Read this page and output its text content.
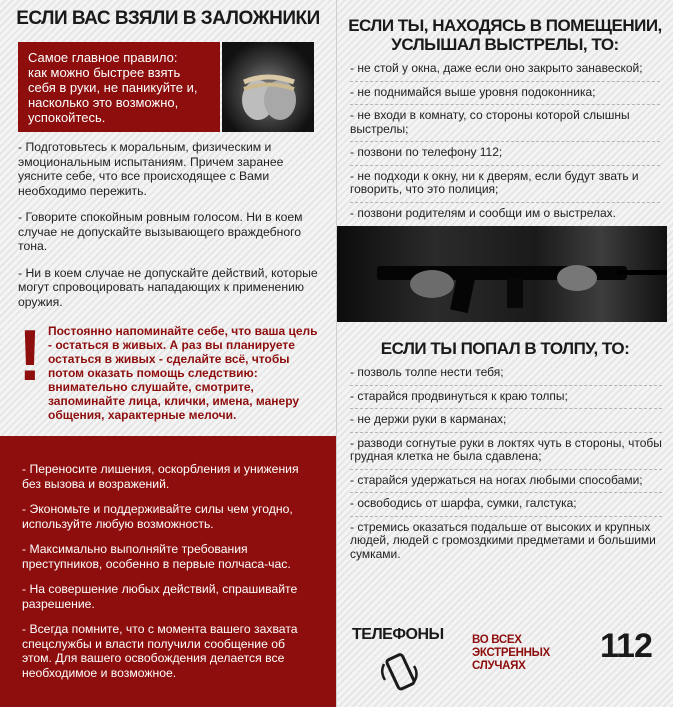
ЕСЛИ ВАС ВЗЯЛИ В ЗАЛОЖНИКИ
Самое главное правило:
как можно быстрее взять
себя в руки, не паникуйте и,
насколько это возможно,
успокойтесь.
- Подготовьтесь к моральным, физическим и эмоциональным испытаниям. Причем заранее уясните себе, что все происходящее с Вами необходимо пережить.
- Говорите спокойным ровным голосом. Ни в коем случае не допускайте вызывающего враждебного тона.
- Ни в коем случае не допускайте действий, которые могут спровоцировать нападающих к применению оружия.
! Постоянно напоминайте себе, что ваша цель - остаться в живых. А раз вы планируете остаться в живых - сделайте всё, чтобы потом оказать помощь следствию: внимательно слушайте, смотрите, запоминайте лица, клички, имена, манеру общения, характерные мелочи.
- Переносите лишения, оскорбления и унижения без вызова и возражений.
- Экономьте и поддерживайте силы чем угодно, используйте любую возможность.
- Максимально выполняйте требования преступников, особенно в первые полчаса-час.
- На совершение любых действий, спрашивайте разрешение.
- Всегда помните, что с момента вашего захвата спецслужбы и власти получили сообщение об этом. Для вашего освобождения делается все необходимое и возможное.
ЕСЛИ ТЫ, НАХОДЯСЬ В ПОМЕЩЕНИИ, УСЛЫШАЛ ВЫСТРЕЛЫ, ТО:
- не стой у окна, даже если оно закрыто занавеской;
- не поднимайся выше уровня подоконника;
- не входи в комнату, со стороны которой слышны выстрелы;
- позвони по телефону 112;
- не подходи к окну, ни к дверям, если будут звать и говорить, что это полиция;
- позвони родителям и сообщи им о выстрелах.
ЕСЛИ ТЫ ПОПАЛ В ТОЛПУ, ТО:
- позволь толпе нести тебя;
- старайся продвинуться к краю толпы;
- не держи руки в карманах;
- разводи согнутые руки в локтях чуть в стороны, чтобы грудная клетка не была сдавлена;
- старайся удержаться на ногах любыми способами;
- освободись от шарфа, сумки, галстука;
- стремись оказаться подальше от высоких и крупных людей, людей с громоздкими предметами и большими сумками.
ТЕЛЕФОНЫ ВО ВСЕХ
ЭКСТРЕННЫХ СЛУЧАЯХ
112
